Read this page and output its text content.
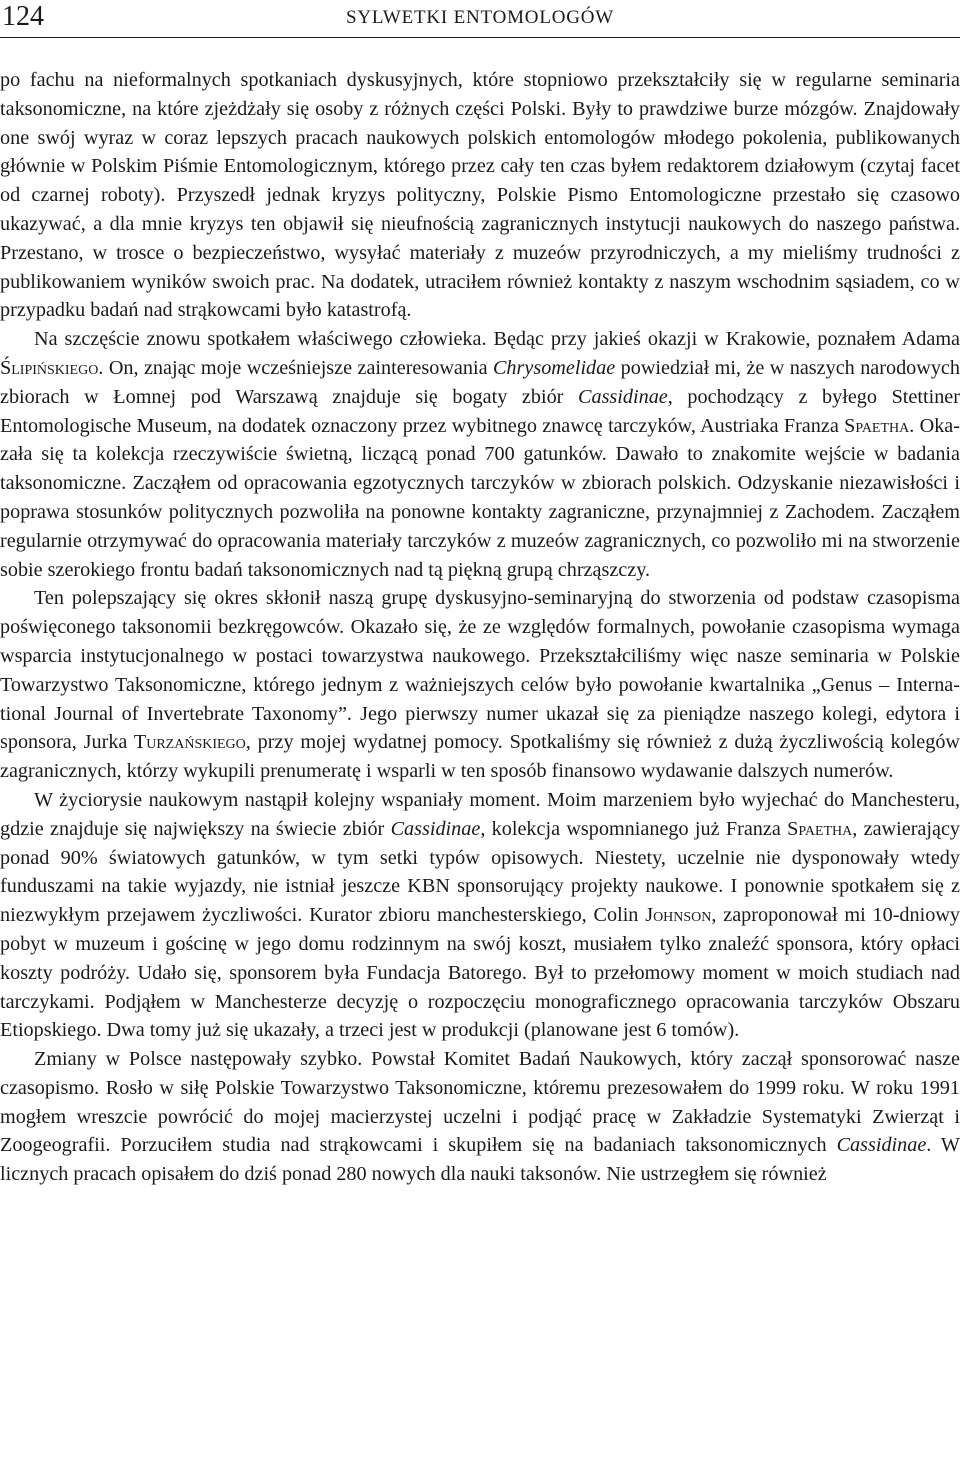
124	SYLWETKI ENTOMOLOGÓW

po fachu na nieformalnych spotkaniach dyskusyjnych, które stopniowo przekształciły się w regularne seminaria taksonomiczne, na które zjeżdżały się osoby z różnych części Polski. Były to prawdziwe burze mózgów. Znajdowały one swój wyraz w coraz lepszych pracach naukowych polskich entomologów młodego pokolenia, publikowanych głównie w Polskim Piśmie Entomologicznym, którego przez cały ten czas byłem redaktorem działowym (czytaj facet od czarnej roboty). Przyszedł jednak kryzys polityczny, Polskie Pismo Entomologiczne przestało się czasowo ukazywać, a dla mnie kryzys ten objawił się nieufnością zagranicznych instytucji naukowych do naszego państwa. Przestano, w trosce o bezpieczeństwo, wysyłać materiały z muzeów przyrodniczych, a my mieliśmy trudności z publikowaniem wyników swoich prac. Na dodatek, utraciłem również kontakty z naszym wschodnim sąsiadem, co w przypadku badań nad strąkowcami było katastrofą.

Na szczęście znowu spotkałem właściwego człowieka. Będąc przy jakieś okazji w Krakowie, poznałem Adama Ślipińskiego. On, znając moje wcześniejsze zainteresowania Chrysomelidae powiedział mi, że w naszych narodowych zbiorach w Łomnej pod Warszawą znajduje się bogaty zbiór Cassidinae, pochodzący z byłego Stettiner Entomologische Museum, na dodatek oznaczony przez wybitnego znawcę tarczyków, Austriaka Franza Spaetha. Okazała się ta kolekcja rzeczywiście świetną, liczącą ponad 700 gatunków. Dawało to znakomite wejście w badania taksonomiczne. Zacząłem od opracowania egzotycznych tarczyków w zbiorach polskich. Odzyskanie niezawisłości i poprawa stosunków politycznych pozwoliła na ponowne kontakty zagraniczne, przynajmniej z Zachodem. Zacząłem regularnie otrzymywać do opracowania materiały tarczyków z muzeów zagranicznych, co pozwoliło mi na stworzenie sobie szerokiego frontu badań taksonomicznych nad tą piękną grupą chrząszczy.

Ten polepszający się okres skłonił naszą grupę dyskusyjno-seminaryjną do stworzenia od podstaw czasopisma poświęconego taksonomii bezkręgowców. Okazało się, że ze względów formalnych, powołanie czasopisma wymaga wsparcia instytucjonalnego w postaci towarzystwa naukowego. Przekształciliśmy więc nasze seminaria w Polskie Towarzystwo Taksonomiczne, którego jednym z ważniejszych celów było powołanie kwartalnika „Genus – International Journal of Invertebrate Taxonomy”. Jego pierwszy numer ukazał się za pieniądze naszego kolegi, edytora i sponsora, Jurka Turzańskiego, przy mojej wydatnej pomocy. Spotkaliśmy się również z dużą życzliwością kolegów zagranicznych, którzy wykupili prenumeratę i wsparli w ten sposób finansowo wydawanie dalszych numerów.

W życiorysie naukowym nastąpił kolejny wspaniały moment. Moim marzeniem było wyjechać do Manchesteru, gdzie znajduje się największy na świecie zbiór Cassidinae, kolekcja wspomnianego już Franza Spaetha, zawierający ponad 90% światowych gatunków, w tym setki typów opisowych. Niestety, uczelnie nie dysponowały wtedy funduszami na takie wyjazdy, nie istniał jeszcze KBN sponsorujący projekty naukowe. I ponownie spotkałem się z niezwykłym przejawem życzliwości. Kurator zbioru manchesterskiego, Colin Johnson, zaproponował mi 10-dniowy pobyt w muzeum i gościnę w jego domu rodzinnym na swój koszt, musiałem tylko znaleźć sponsora, który opłaci koszty podróży. Udało się, sponsorem była Fundacja Batorego. Był to przełomowy moment w moich studiach nad tarczykami. Podjąłem w Manchesterze decyzję o rozpoczęciu monograficznego opracowania tarczyków Obszaru Etiopskiego. Dwa tomy już się ukazały, a trzeci jest w produkcji (planowane jest 6 tomów).

Zmiany w Polsce następowały szybko. Powstał Komitet Badań Naukowych, który zaczął sponsorować nasze czasopismo. Rosło w siłę Polskie Towarzystwo Taksonomiczne, któremu prezesowałem do 1999 roku. W roku 1991 mogłem wreszcie powrócić do mojej macierzystej uczelni i podjąć pracę w Zakładzie Systematyki Zwierząt i Zoogeografii. Porzuciłem studia nad strąkowcami i skupiłem się na badaniach taksonomicznych Cassidinae. W licznych pracach opisałem do dziś ponad 280 nowych dla nauki taksonów. Nie ustrzegłem się również
